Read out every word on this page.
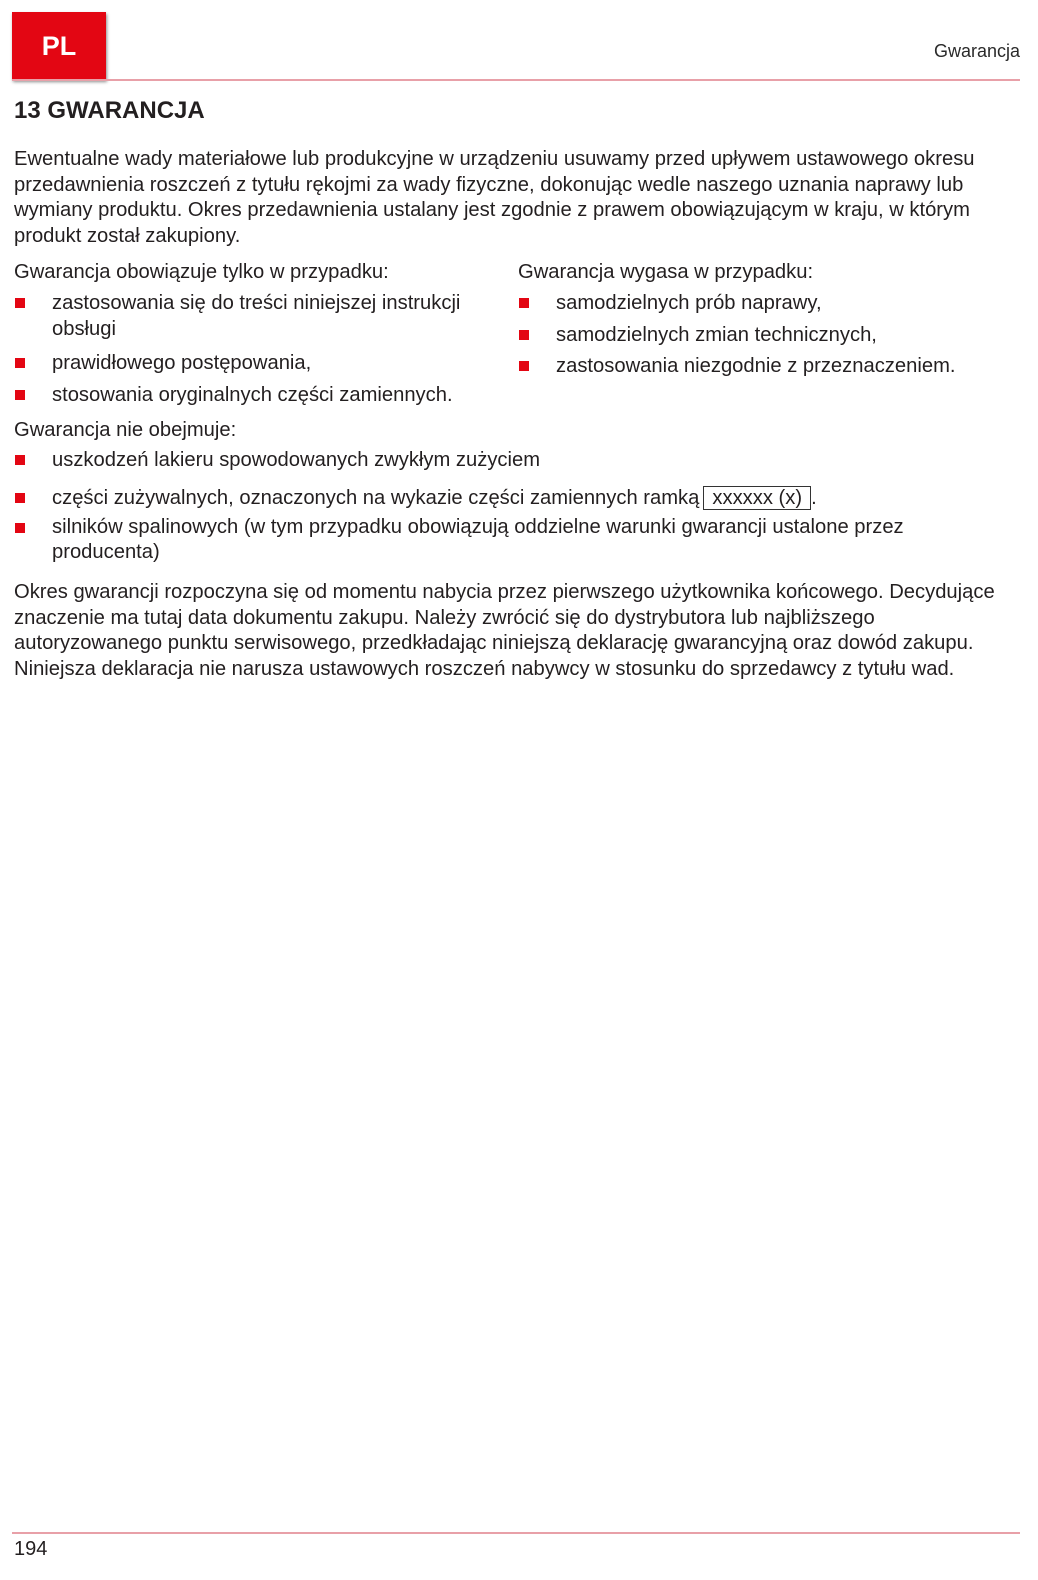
PL	Gwarancja
13 GWARANCJA

Ewentualne wady materiałowe lub produkcyjne w urządzeniu usuwamy przed upływem ustawowego okresu przedawnienia roszczeń z tytułu rękojmi za wady fizyczne, dokonując wedle naszego uznania naprawy lub wymiany produktu. Okres przedawnienia ustalany jest zgodnie z prawem obowiązującym w kraju, w którym produkt został zakupiony.

Gwarancja obowiązuje tylko w przypadku:
zastosowania się do treści niniejszej instrukcji obsługi
prawidłowego postępowania,
stosowania oryginalnych części zamiennych.
Gwarancja wygasa w przypadku:
samodzielnych prób naprawy,
samodzielnych zmian technicznych,
zastosowania niezgodnie z przeznaczeniem.
Gwarancja nie obejmuje:
uszkodzeń lakieru spowodowanych zwykłym zużyciem
części zużywalnych, oznaczonych na wykazie części zamiennych ramką xxxxxx (x) .
silników spalinowych (w tym przypadku obowiązują oddzielne warunki gwarancji ustalone przez producenta)

Okres gwarancji rozpoczyna się od momentu nabycia przez pierwszego użytkownika końcowego. Decydujące znaczenie ma tutaj data dokumentu zakupu. Należy zwrócić się do dystrybutora lub najbliższego autoryzowanego punktu serwisowego, przedkładając niniejszą deklarację gwarancyjną oraz dowód zakupu. Niniejsza deklaracja nie narusza ustawowych roszczeń nabywcy w stosunku do sprzedawcy z tytułu wad.

194
